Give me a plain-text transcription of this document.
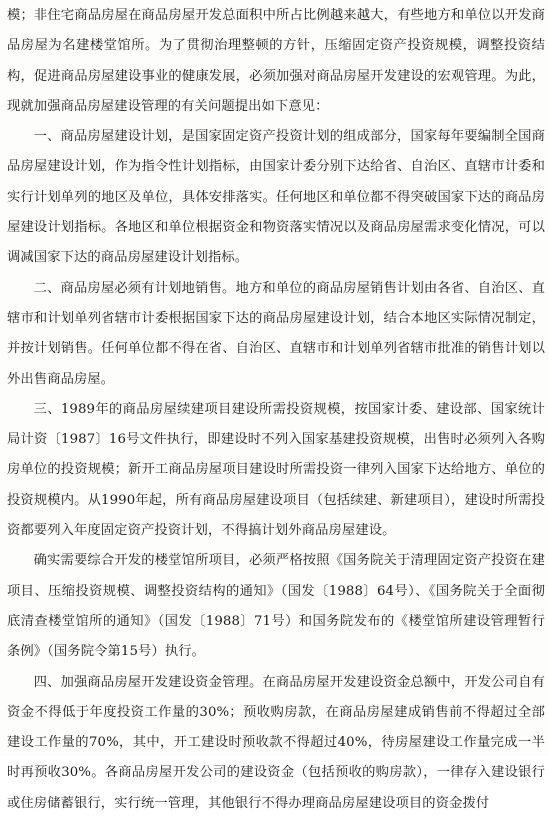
模；非住宅商品房屋在商品房屋开发总面积中所占比例越来越大，有些地方和单位以开发商品房屋为名建楼堂馆所。为了贯彻治理整顿的方针，压缩固定资产投资规模，调整投资结构，促进商品房屋建设事业的健康发展，必须加强对商品房屋开发建设的宏观管理。为此，现就加强商品房屋建设管理的有关问题提出如下意见：

一、商品房屋建设计划，是国家固定资产投资计划的组成部分，国家每年要编制全国商品房屋建设计划，作为指令性计划指标，由国家计委分别下达给省、自治区、直辖市计委和实行计划单列的地区及单位，具体安排落实。任何地区和单位都不得突破国家下达的商品房屋建设计划指标。各地区和单位根据资金和物资落实情况以及商品房屋需求变化情况，可以调减国家下达的商品房屋建设计划指标。

二、商品房屋必须有计划地销售。地方和单位的商品房屋销售计划由各省、自治区、直辖市和计划单列省辖市计委根据国家下达的商品房屋建设计划，结合本地区实际情况制定，并按计划销售。任何单位都不得在省、自治区、直辖市和计划单列省辖市批准的销售计划以外出售商品房屋。

三、1989年的商品房屋续建项目建设所需投资规模，按国家计委、建设部、国家统计局计资〔1987〕16号文件执行，即建设时不列入国家基建投资规模，出售时必须列入各购房单位的投资规模；新开工商品房屋项目建设时所需投资一律列入国家下达给地方、单位的投资规模内。从1990年起，所有商品房屋建设项目（包括续建、新建项目），建设时所需投资都要列入年度固定资产投资计划，不得搞计划外商品房屋建设。

确实需要综合开发的楼堂馆所项目，必须严格按照《国务院关于清理固定资产投资在建项目、压缩投资规模、调整投资结构的通知》（国发〔1988〕64号）、《国务院关于全面彻底清查楼堂馆所的通知》（国发〔1988〕71号）和国务院发布的《楼堂馆所建设管理暂行条例》（国务院令第15号）执行。

四、加强商品房屋开发建设资金管理。在商品房屋开发建设资金总额中，开发公司自有资金不得低于年度投资工作量的30%；预收购房款，在商品房屋建成销售前不得超过全部建设工作量的70%，其中，开工建设时预收款不得超过40%，待房屋建设工作量完成一半时再预收30%。各商品房屋开发公司的建设资金（包括预收的购房款），一律存入建设银行或住房储蓄银行，实行统一管理，其他银行不得办理商品房屋建设项目的资金拨付
